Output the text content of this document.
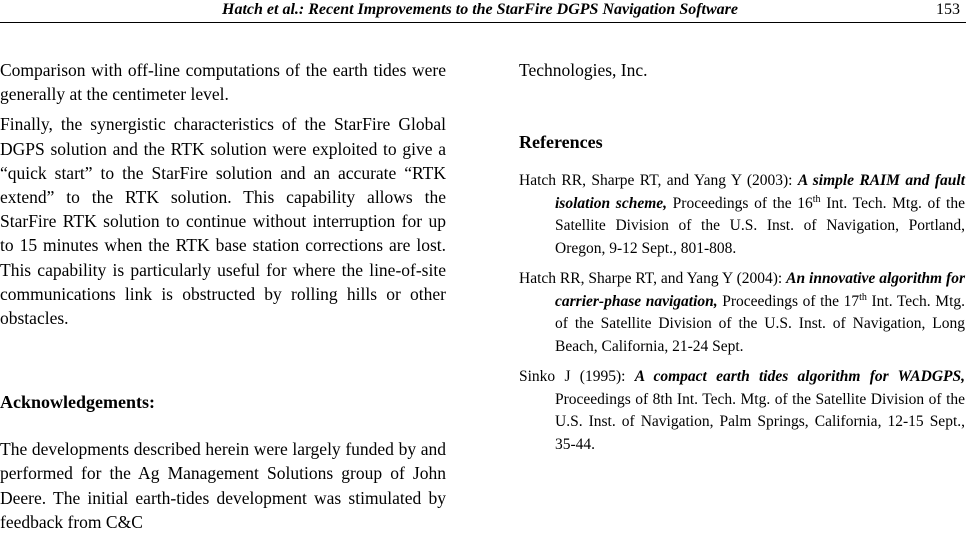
Hatch et al.: Recent Improvements to the StarFire DGPS Navigation Software	153

Comparison with off-line computations of the earth tides were generally at the centimeter level.

Finally, the synergistic characteristics of the StarFire Global DGPS solution and the RTK solution were exploited to give a “quick start” to the StarFire solution and an accurate “RTK extend” to the RTK solution. This capability allows the StarFire RTK solution to continue without interruption for up to 15 minutes when the RTK base station corrections are lost. This capability is particularly useful for where the line-of-site communications link is obstructed by rolling hills or other obstacles.

Acknowledgements:

The developments described herein were largely funded by and performed for the Ag Management Solutions group of John Deere. The initial earth-tides development was stimulated by feedback from C&C

Technologies, Inc.

References

Hatch RR, Sharpe RT, and Yang Y (2003): A simple RAIM and fault isolation scheme, Proceedings of the 16th Int. Tech. Mtg. of the Satellite Division of the U.S. Inst. of Navigation, Portland, Oregon, 9-12 Sept., 801-808.

Hatch RR, Sharpe RT, and Yang Y (2004): An innovative algorithm for carrier-phase navigation, Proceedings of the 17th Int. Tech. Mtg. of the Satellite Division of the U.S. Inst. of Navigation, Long Beach, California, 21-24 Sept.

Sinko J (1995): A compact earth tides algorithm for WADGPS, Proceedings of 8th Int. Tech. Mtg. of the Satellite Division of the U.S. Inst. of Navigation, Palm Springs, California, 12-15 Sept., 35-44.
